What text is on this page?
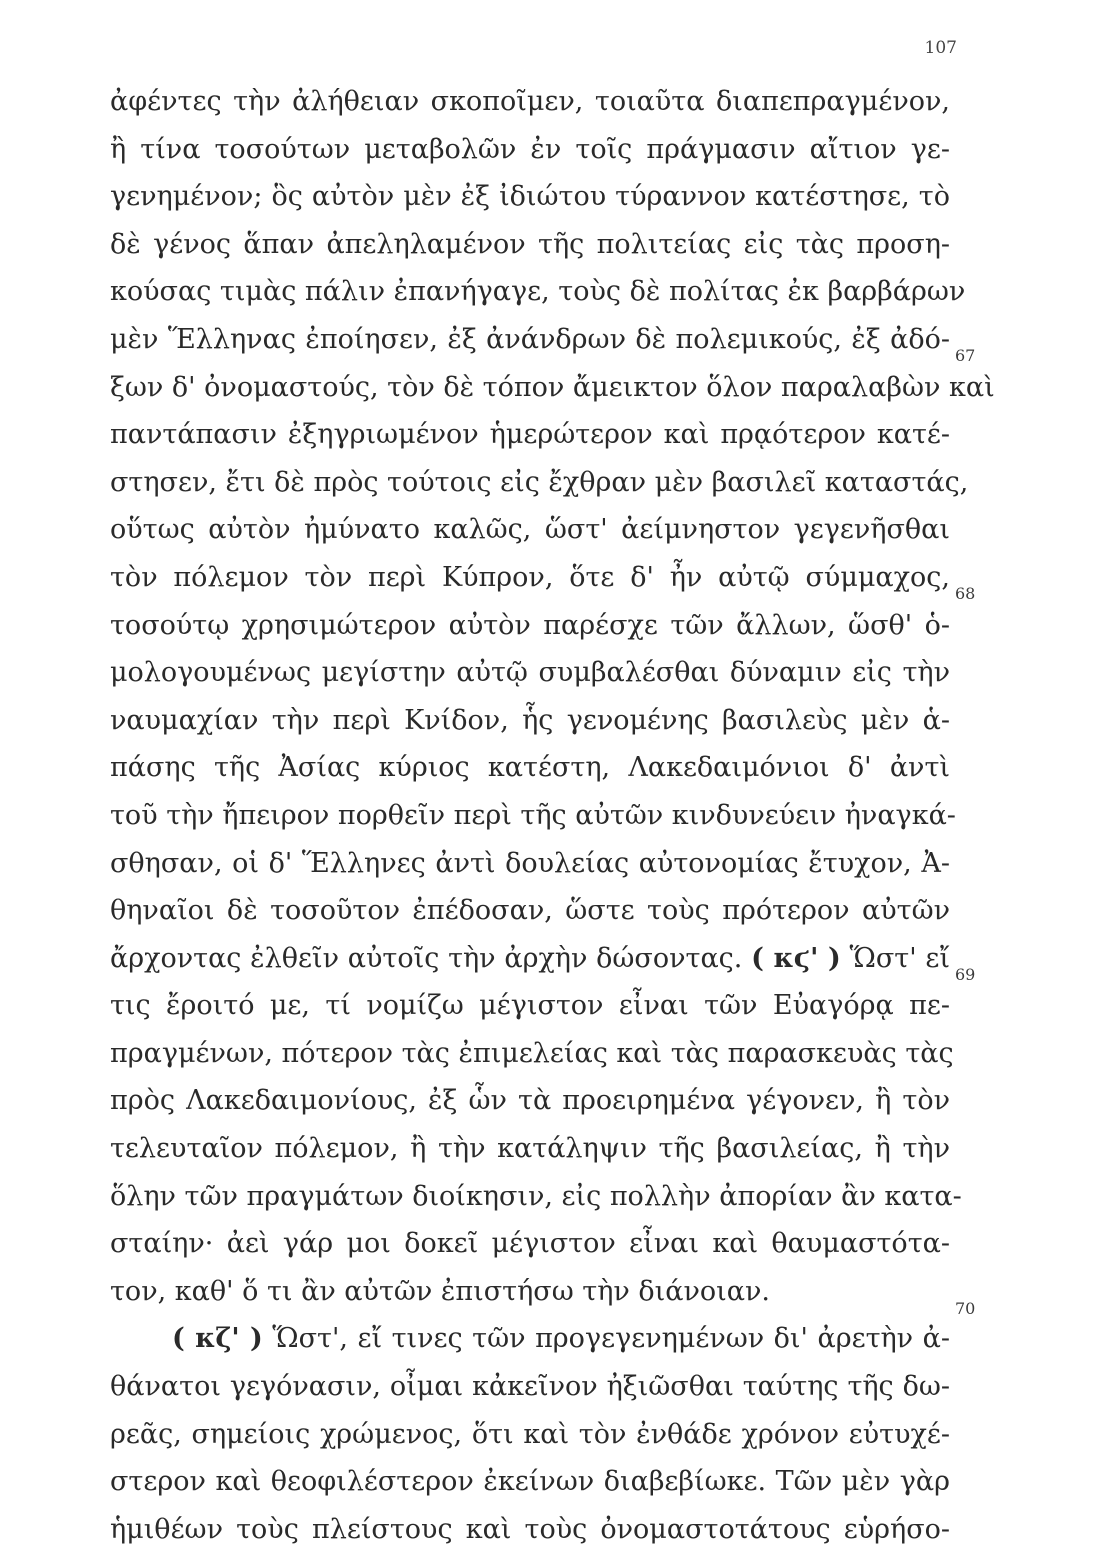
107
ἀφέντες τὴν ἀλήθειαν σκοποῖμεν, τοιαῦτα διαπεπραγμένον,
ἢ τίνα τοσούτων μεταβολῶν ἐν τοῖς πράγμασιν αἴτιον γε-
γενημένον; ὃς αὐτὸν μὲν ἐξ ἰδιώτου τύραννον κατέστησε, τὸ
δὲ γένος ἅπαν ἀπεληλαμένον τῆς πολιτείας εἰς τὰς προση-
κούσας τιμὰς πάλιν ἐπανήγαγε, τοὺς δὲ πολίτας ἐκ βαρβάρων
μὲν Ἕλληνας ἐποίησεν, ἐξ ἀνάνδρων δὲ πολεμικούς, ἐξ ἀδό-
ξων δ' ὀνομαστούς, τὸν δὲ τόπον ἄμεικτον ὅλον παραλαβὼν καὶ
παντάπασιν ἐξηγριωμένον ἡμερώτερον καὶ πρᾳότερον κατέ-
στησεν, ἔτι δὲ πρὸς τούτοις εἰς ἔχθραν μὲν βασιλεῖ καταστάς,
οὕτως αὐτὸν ἠμύνατο καλῶς, ὥστ' ἀείμνηστον γεγενῆσθαι
τὸν πόλεμον τὸν περὶ Κύπρον, ὅτε δ' ἦν αὐτῷ σύμμαχος,
τοσούτῳ χρησιμώτερον αὐτὸν παρέσχε τῶν ἄλλων, ὥσθ' ὁ-
μολογουμένως μεγίστην αὐτῷ συμβαλέσθαι δύναμιν εἰς τὴν
ναυμαχίαν τὴν περὶ Κνίδον, ἧς γενομένης βασιλεὺς μὲν ἁ-
πάσης τῆς Ἀσίας κύριος κατέστη, Λακεδαιμόνιοι δ' ἀντὶ
τοῦ τὴν ἤπειρον πορθεῖν περὶ τῆς αὐτῶν κινδυνεύειν ἠναγκά-
σθησαν, οἱ δ' Ἕλληνες ἀντὶ δουλείας αὐτονομίας ἔτυχον, Ἀ-
θηναῖοι δὲ τοσοῦτον ἐπέδοσαν, ὥστε τοὺς πρότερον αὐτῶν
ἄρχοντας ἐλθεῖν αὐτοῖς τὴν ἀρχὴν δώσοντας. ( κϛ' ) Ὥστ' εἴ
τις ἔροιτό με, τί νομίζω μέγιστον εἶναι τῶν Εὐαγόρᾳ πε-
πραγμένων, πότερον τὰς ἐπιμελείας καὶ τὰς παρασκευὰς τὰς
πρὸς Λακεδαιμονίους, ἐξ ὧν τὰ προειρημένα γέγονεν, ἢ τὸν
τελευταῖον πόλεμον, ἢ τὴν κατάληψιν τῆς βασιλείας, ἢ τὴν
ὅλην τῶν πραγμάτων διοίκησιν, εἰς πολλὴν ἀπορίαν ἂν κατα-
σταίην· ἀεὶ γάρ μοι δοκεῖ μέγιστον εἶναι καὶ θαυμαστότα-
τον, καθ' ὅ τι ἂν αὐτῶν ἐπιστήσω τὴν διάνοιαν.
( κζ' ) Ὥστ', εἴ τινες τῶν προγεγενημένων δι' ἀρετὴν ἀ-
θάνατοι γεγόνασιν, οἶμαι κἀκεῖνον ἠξιῶσθαι ταύτης τῆς δω-
ρεᾶς, σημείοις χρώμενος, ὅτι καὶ τὸν ἐνθάδε χρόνον εὐτυχέ-
στερον καὶ θεοφιλέστερον ἐκείνων διαβεβίωκε. Τῶν μὲν γὰρ
ἡμιθέων τοὺς πλείστους καὶ τοὺς ὀνομαστοτάτους εὑρήσο-
67
68
69
70
